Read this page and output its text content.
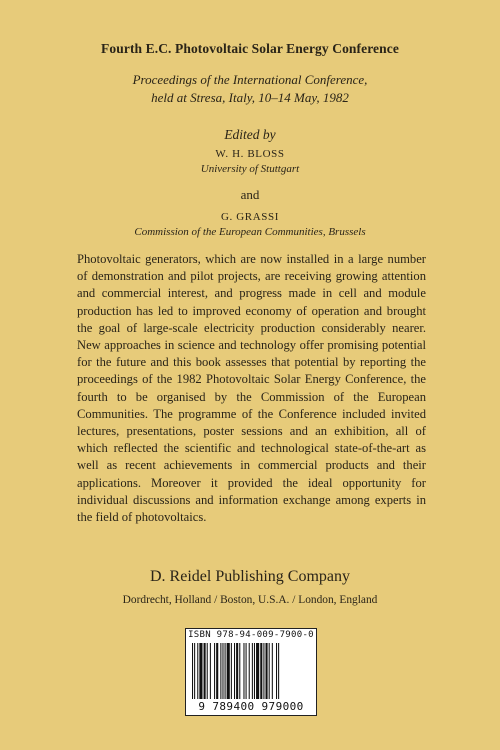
Fourth E.C. Photovoltaic Solar Energy Conference
Proceedings of the International Conference,
held at Stresa, Italy, 10–14 May, 1982
Edited by
W. H. BLOSS
University of Stuttgart
and
G. GRASSI
Commission of the European Communities, Brussels
Photovoltaic generators, which are now installed in a large number of demonstration and pilot projects, are receiving growing attention and commercial interest, and progress made in cell and module production has led to improved economy of operation and brought the goal of large-scale electricity production considerably nearer. New approaches in science and technology offer promising potential for the future and this book assesses that potential by reporting the proceedings of the 1982 Photovoltaic Solar Energy Conference, the fourth to be organised by the Commission of the European Communities. The programme of the Conference included invited lectures, presentations, poster sessions and an exhibition, all of which reflected the scientific and technological state-of-the-art as well as recent achievements in commercial products and their applications. Moreover it provided the ideal opportunity for individual discussions and information exchange among experts in the field of photovoltaics.
D. Reidel Publishing Company
Dordrecht, Holland / Boston, U.S.A. / London, England
ISBN 978-94-009-7900-0
9 789400 979000
